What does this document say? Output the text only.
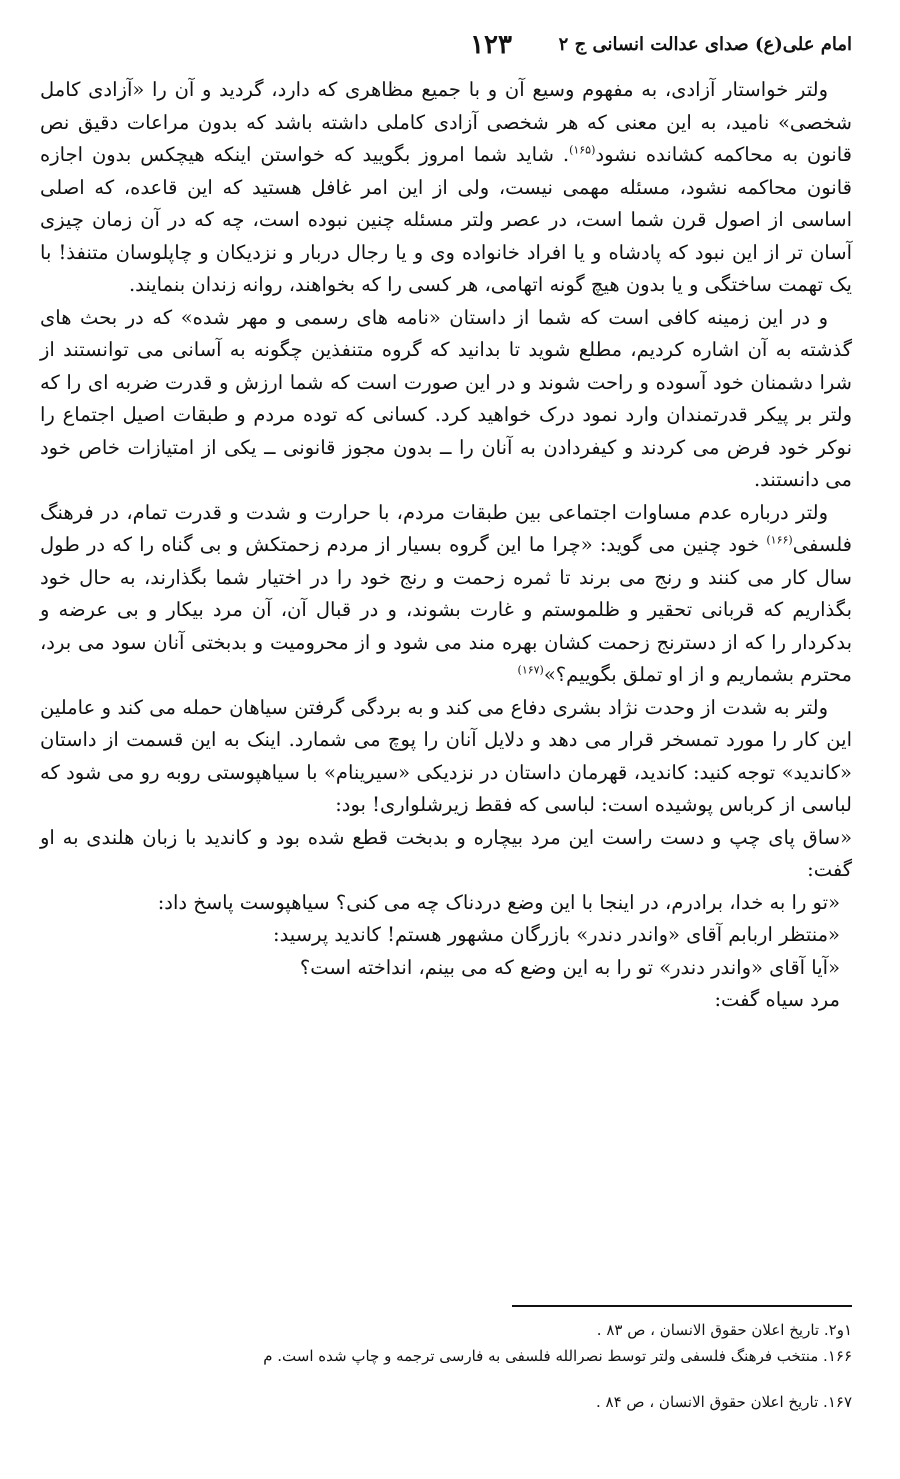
امام علی(ع) صدای عدالت انسانی ج ۲
۱۲۳

ولتر خواستار آزادی، به مفهوم وسیع آن و با جمیع مظاهری که دارد، گردید و آن را «آزادی کامل شخصی» نامید، به این معنی که هر شخصی آزادی کاملی داشته باشد که بدون مراعات دقیق نص قانون به محاکمه کشانده نشود$^{(۱۶۵)}$. شاید شما امروز بگویید که خواستن اینکه هیچکس بدون اجازه قانون محاکمه نشود، مسئله مهمی نیست، ولی از این امر غافل هستید که این قاعده، که اصلی اساسی از اصول قرن شما است، در عصر ولتر مسئله چنین نبوده است، چه که در آن زمان چیزی آسان تر از این نبود که پادشاه و یا افراد خانواده وی و یا رجال دربار و نزدیکان و چاپلوسان متنفذ! با یک تهمت ساختگی و یا بدون هیچ گونه اتهامی، هر کسی را که بخواهند، روانه زندان بنمایند.

و در این زمینه کافی است که شما از داستان «نامه های رسمی و مهر شده» که در بحث های گذشته به آن اشاره کردیم، مطلع شوید تا بدانید که گروه متنفذین چگونه به آسانی می توانستند از شرا دشمنان خود آسوده و راحت شوند و در این صورت است که شما ارزش و قدرت ضربه ای را که ولتر بر پیکر قدرتمندان وارد نمود درک خواهید کرد. کسانی که توده مردم و طبقات اصیل اجتماع را نوکر خود فرض می کردند و کیفردادن به آنان را ــ بدون مجوز قانونی ــ یکی از امتیازات خاص خود می دانستند.

ولتر درباره عدم مساوات اجتماعی بین طبقات مردم، با حرارت و شدت و قدرت تمام، در فرهنگ فلسفی$^{(۱۶۶)}$ خود چنین می گوید: «چرا ما این گروه بسیار از مردم زحمتکش و بی گناه را که در طول سال کار می کنند و رنج می برند تا ثمره زحمت و رنج خود را در اختیار شما بگذارند، به حال خود بگذاریم که قربانی تحقیر و ظلموستم و غارت بشوند، و در قبال آن، آن مرد بیکار و بی عرضه و بدکردار را که از دسترنج زحمت کشان بهره مند می شود و از محرومیت و بدبختی آنان سود می برد، محترم بشماریم و از او تملق بگوییم؟»$^{(۱۶۷)}$

ولتر به شدت از وحدت نژاد بشری دفاع می کند و به بردگی گرفتن سیاهان حمله می کند و عاملین این کار را مورد تمسخر قرار می دهد و دلایل آنان را پوچ می شمارد. اینک به این قسمت از داستان «کاندید» توجه کنید: کاندید، قهرمان داستان در نزدیکی «سیرینام» با سیاهپوستی روبه رو می شود که لباسی از کرباس پوشیده است: لباسی که فقط زیرشلواری! بود:

«ساق پای چپ و دست راست این مرد بیچاره و بدبخت قطع شده بود و کاندید با زبان هلندی به او گفت:

«تو را به خدا، برادرم، در اینجا با این وضع دردناک چه می کنی؟ سیاهپوست پاسخ داد:

«منتظر اربابم آقای «واندر دندر» بازرگان مشهور هستم! کاندید پرسید:

«آیا آقای «واندر دندر» تو را به این وضع که می بینم، انداخته است؟

مرد سیاه گفت:

۱و۲. تاریخ اعلان حقوق الانسان ، ص ۸۳ .

۱۶۶. منتخب فرهنگ فلسفی ولتر توسط نصرالله فلسفی به فارسی ترجمه و چاپ شده است. م

۱۶۷. تاریخ اعلان حقوق الانسان ، ص ۸۴ .
